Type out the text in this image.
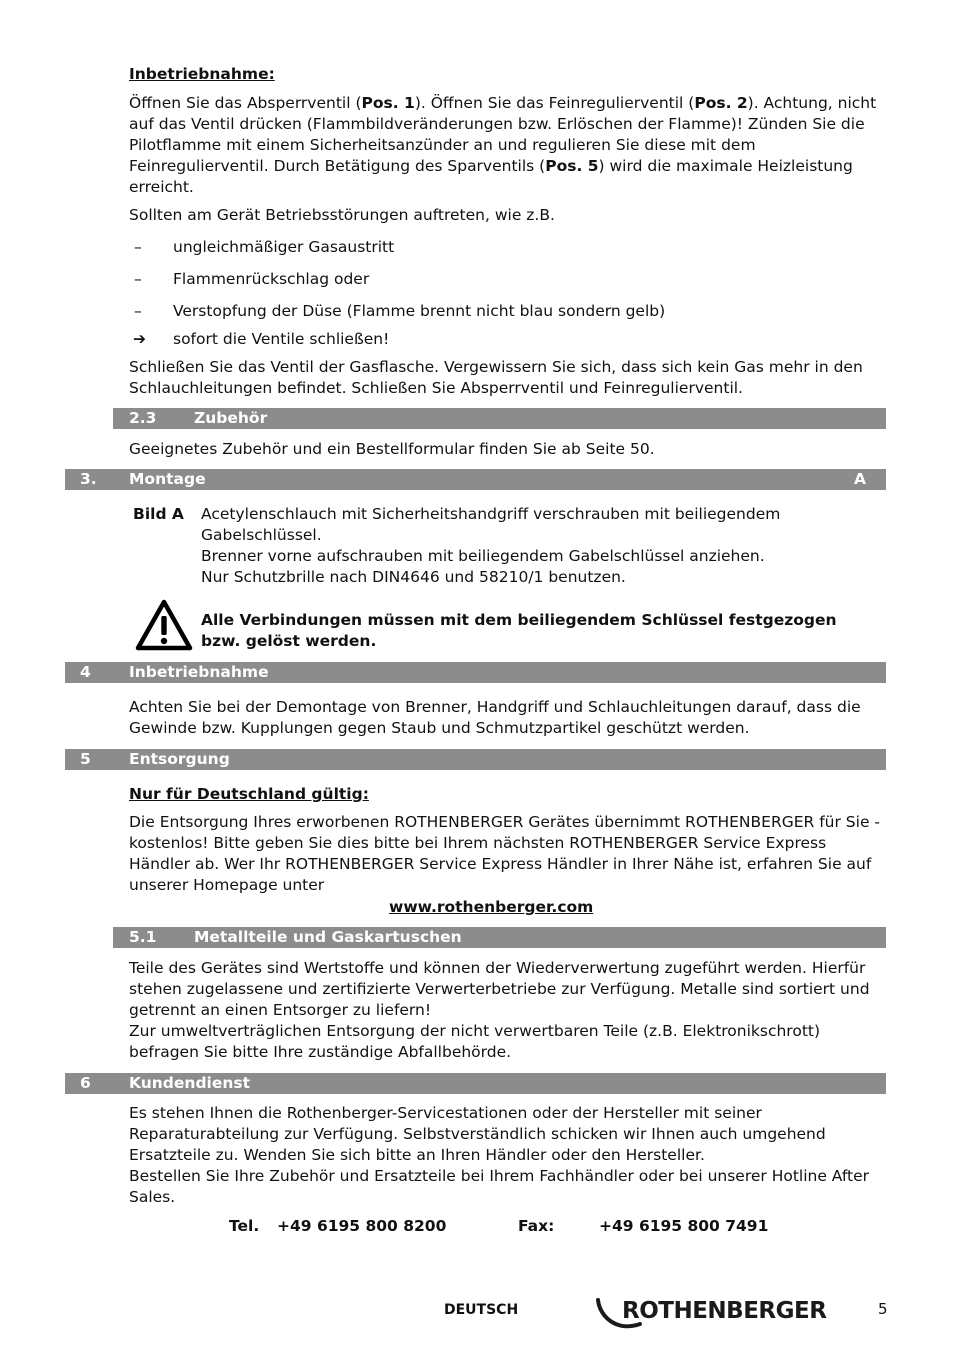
Inbetriebnahme:

Öffnen Sie das Absperrventil (Pos. 1). Öffnen Sie das Feinregulierventil (Pos. 2). Achtung, nicht auf das Ventil drücken (Flammbildveränderungen bzw. Erlöschen der Flamme)! Zünden Sie die Pilotflamme mit einem Sicherheitsanzünder an und regulieren Sie diese mit dem Feinregulierventil. Durch Betätigung des Sparventils (Pos. 5) wird die maximale Heizleistung erreicht.

Sollten am Gerät Betriebsstörungen auftreten, wie z.B.
–	ungleichmäßiger Gasaustritt
–	Flammenrückschlag oder
–	Verstopfung der Düse (Flamme brennt nicht blau sondern gelb)
➔	sofort die Ventile schließen!

Schließen Sie das Ventil der Gasflasche. Vergewissern Sie sich, dass sich kein Gas mehr in den Schlauchleitungen befindet. Schließen Sie Absperrventil und Feinregulierventil.

2.3 Zubehör
Geeignetes Zubehör und ein Bestellformular finden Sie ab Seite 50.
3. Montage	A
Bild A Acetylenschlauch mit Sicherheitshandgriff verschrauben mit beiliegendem
Gabelschlüssel.
Brenner vorne aufschrauben mit beiliegendem Gabelschlüssel anziehen.
Nur Schutzbrille nach DIN4646 und 58210/1 benutzen.
Alle Verbindungen müssen mit dem beiliegendem Schlüssel festgezogen bzw. gelöst werden.
4 Inbetriebnahme

Achten Sie bei der Demontage von Brenner, Handgriff und Schlauchleitungen darauf, dass die Gewinde bzw. Kupplungen gegen Staub und Schmutzpartikel geschützt werden.

5 Entsorgung
Nur für Deutschland gültig:

Die Entsorgung Ihres erworbenen ROTHENBERGER Gerätes übernimmt ROTHENBERGER für Sie - kostenlos! Bitte geben Sie dies bitte bei Ihrem nächsten ROTHENBERGER Service Express Händler ab. Wer Ihr ROTHENBERGER Service Express Händler in Ihrer Nähe ist, erfahren Sie auf unserer Homepage unter

www.rothenberger.com
5.1 Metallteile und Gaskartuschen

Teile des Gerätes sind Wertstoffe und können der Wiederverwertung zugeführt werden. Hierfür stehen zugelassene und zertifizierte Verwerterbetriebe zur Verfügung. Metalle sind sortiert und getrennt an einen Entsorger zu liefern!

Zur umweltverträglichen Entsorgung der nicht verwertbaren Teile (z.B. Elektronikschrott) befragen Sie bitte Ihre zuständige Abfallbehörde.

6 Kundendienst

Es stehen Ihnen die Rothenberger-Servicestationen oder der Hersteller mit seiner Reparaturabteilung zur Verfügung. Selbstverständlich schicken wir Ihnen auch umgehend Ersatzteile zu. Wenden Sie sich bitte an Ihren Händler oder den Hersteller.

Bestellen Sie Ihre Zubehör und Ersatzteile bei Ihrem Fachhändler oder bei unserer Hotline After Sales.

Tel. +49 6195 800 8200	Fax:	+49 6195 800 7491
DEUTSCH	ROTHENBERGER	5
